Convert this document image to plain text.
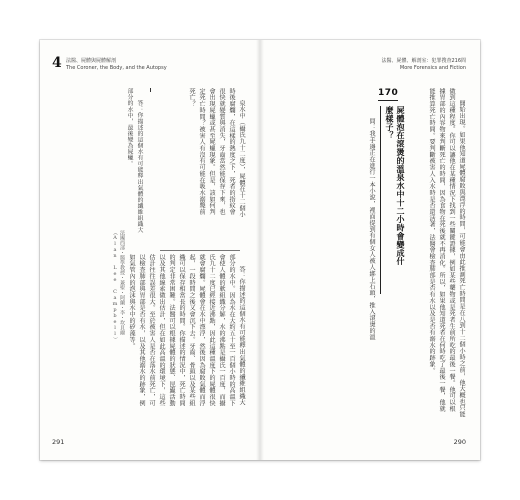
4 法醫、屍體與屍體解剖
The Coroner, the Body, and the Autopsy

泉水中（攝氏九十二度），屍體在十二個小時後腐爛，在這樣的熱度之下，死者的指紋會很快就變質與消失，牙齒當然能保存下來，也會出現屍蠟或甚至屍蠟現象。但是，該如何判定死亡時間？被害人有沒有可能在吸水溺斃前死亡？

答：你描述的這個水有可能釋出氣體的纖維組織大部分的水中，最後變為屍蠟。

法國西部・醫學教授・兼聖・阿蘭・李・坎貝爾（Alan Lee Campbell）	答：你描述的這個水有可能釋出氣體的纖維組織大部分的水中。因為水在大約五十至一百個小時的高溫下會使人體的軟組織分解，水的沸點是攝氏一百度，而攝氏九十二度已經接近沸點，因此這種溫度下的屍體很快就會腐爛。屍體會在水中漂浮，然後因為腐敗氣體而浮起，一段時間之後又會沉下去。牙齒、骨頭以及某些組織可以保存相當長的時間。你描述的情況中，死亡時間的判定非常困難。法醫可以根據屍體的狀態、昆蟲活動以及其他線索做出估計，但在如此高溫的環境下，這些估計往往誤差很大。至於被害人是否在落水前死亡，可以檢查肺部與胃部是否有水，以及其他溺水的跡象，例如氣管內的泡沫與水中的矽藻等。

291
法醫、屍體、解剖室：犯罪搜查216問
More Forensics and Fiction

開始出現。如果他知道屍體腐敗與漂浮的時間，可能會由此推測死亡時間是在八到十二個小時之前，他大概也只能做到這種程度。你可以讓他在某種情況下找到一些關鍵證據，例如某些藥物或是死者生前所吃的最後一餐。他可以根據胃部的內容物來判斷死亡的時間，因為食物在死後就不再消化。所以，如果他知道死者在何時吃了最後一餐，他就能推算死亡時間。要判斷被害人入水時是否還活著，法醫會檢查肺部是否有水以及是否有溺水的跡象。

170
屍體泡在滾燙的溫泉水中十二小時會變成什麼樣子？

問：我手邊正在進行一本小說，裡面提到有個女人被人綁上石頭，推入滾燙的溫

290
